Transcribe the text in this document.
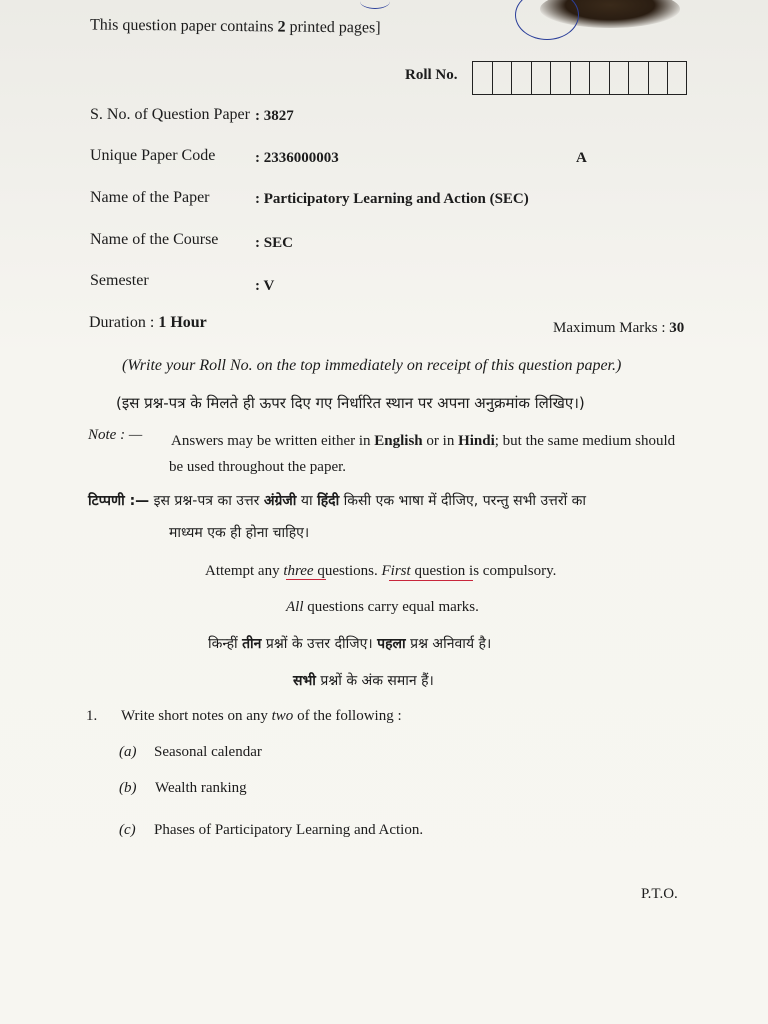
This question paper contains 2 printed pages]
Roll No.
S. No. of Question Paper : 3827
Unique Paper Code	: 2336000003	A
Name of the Paper	: Participatory Learning and Action (SEC)
Name of the Course : SEC
Semester	: V
Duration : 1 Hour	Maximum Marks : 30
(Write your Roll No. on the top immediately on receipt of this question paper.)
(इस प्रश्न-पत्र के मिलते ही ऊपर दिए गए निर्धारित स्थान पर अपना अनुक्रमांक लिखिए।)
Note : — Answers may be written either in English or in Hindi; but the same medium should
be used throughout the paper.
टिप्पणी :— इस प्रश्न-पत्र का उत्तर अंग्रेजी या हिंदी किसी एक भाषा में दीजिए, परन्तु सभी उत्तरों का
माध्यम एक ही होना चाहिए।
Attempt any three questions. First question is compulsory.
All questions carry equal marks.
किन्हीं तीन प्रश्नों के उत्तर दीजिए। पहला प्रश्न अनिवार्य है।
सभी प्रश्नों के अंक समान हैं।
1. Write short notes on any two of the following :
(a) Seasonal calendar
(b) Wealth ranking
(c) Phases of Participatory Learning and Action.
P.T.O.
